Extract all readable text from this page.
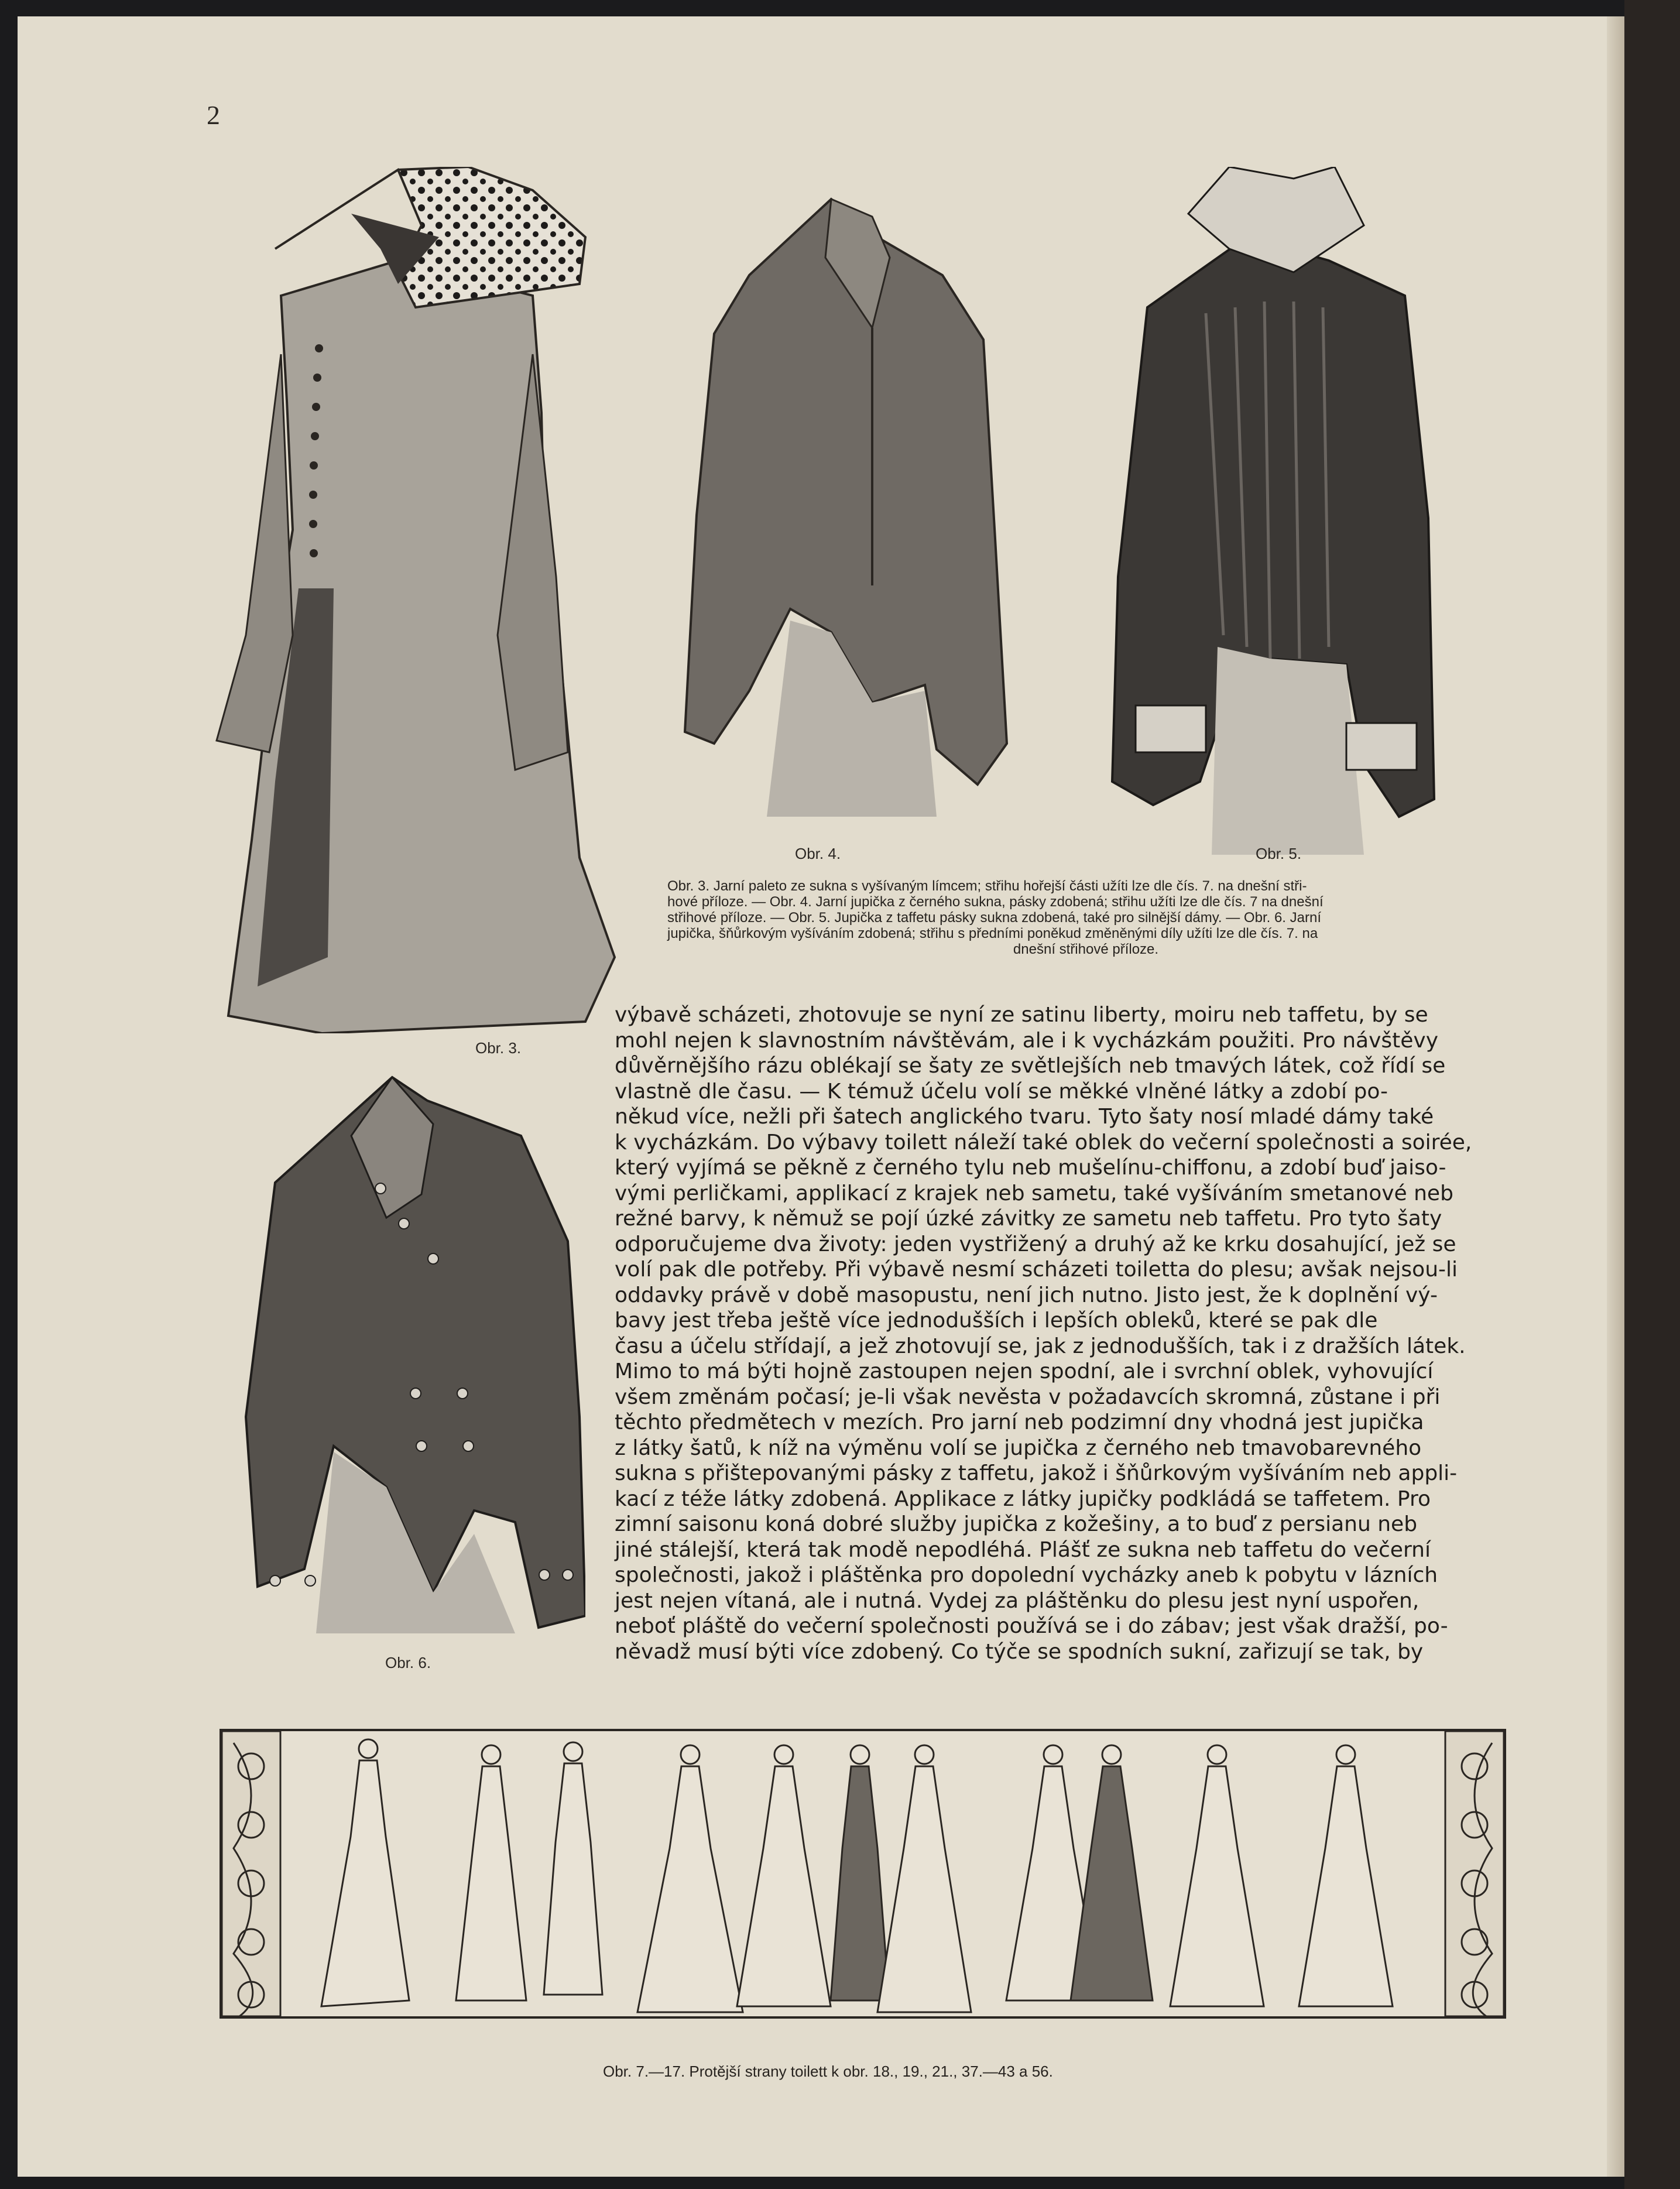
2
Obr. 3.
Obr. 4.	Obr. 5.
Obr. 3. Jarní paleto ze sukna s vyšívaným límcem; střihu hořejší části užíti lze dle čís. 7. na dnešní stři-
hové příloze. — Obr. 4. Jarní jupička z černého sukna, pásky zdobená; střihu užíti lze dle čís. 7 na dnešní
střihové příloze. — Obr. 5. Jupička z taffetu pásky sukna zdobená, také pro silnější dámy. — Obr. 6. Jarní
jupička, šňůrkovým vyšíváním zdobená; střihu s předními poněkud změněnými díly užíti lze dle čís. 7. na
dnešní střihové příloze.
Obr. 6.

výbavě scházeti, zhotovuje se nyní ze satinu liberty, moiru neb taffetu, by se

mohl nejen k slavnostním návštěvám, ale i k vycházkám použiti. Pro návštěvy

důvěrnějšího rázu oblékají se šaty ze světlejších neb tmavých látek, což řídí se

vlastně dle času. — K témuž účelu volí se měkké vlněné látky a zdobí po-

někud více, nežli při šatech anglického tvaru. Tyto šaty nosí mladé dámy také

k vycházkám. Do výbavy toilett náleží také oblek do večerní společnosti a soirée,

který vyjímá se pěkně z černého tylu neb mušelínu-chiffonu, a zdobí buď jaiso-

vými perličkami, applikací z krajek neb sametu, také vyšíváním smetanové neb

režné barvy, k němuž se pojí úzké závitky ze sametu neb taffetu. Pro tyto šaty

odporučujeme dva životy: jeden vystřižený a druhý až ke krku dosahující, jež se

volí pak dle potřeby. Při výbavě nesmí scházeti toiletta do plesu; avšak nejsou-li

oddavky právě v době masopustu, není jich nutno. Jisto jest, že k doplnění vý-

bavy jest třeba ještě více jednodušších i lepších obleků, které se pak dle

času a účelu střídají, a jež zhotovují se, jak z jednodušších, tak i z dražších látek.

Mimo to má býti hojně zastoupen nejen spodní, ale i svrchní oblek, vyhovující

všem změnám počasí; je-li však nevěsta v požadavcích skromná, zůstane i při

těchto předmětech v mezích. Pro jarní neb podzimní dny vhodná jest jupička

z látky šatů, k níž na výměnu volí se jupička z černého neb tmavobarevného

sukna s přištepovanými pásky z taffetu, jakož i šňůrkovým vyšíváním neb appli-

kací z téže látky zdobená. Applikace z látky jupičky podkládá se taffetem. Pro

zimní saisonu koná dobré služby jupička z kožešiny, a to buď z persianu neb

jiné stálejší, která tak modě nepodléhá. Plášť ze sukna neb taffetu do večerní

společnosti, jakož i pláštěnka pro dopolední vycházky aneb k pobytu v lázních

jest nejen vítaná, ale i nutná. Vydej za pláštěnku do plesu jest nyní uspořen,

neboť pláště do večerní společnosti používá se i do zábav; jest však dražší, po-

něvadž musí býti více zdobený. Co týče se spodních sukní, zařizují se tak, by

Obr. 7.—17. Protější strany toilett k obr. 18., 19., 21., 37.—43 a 56.
